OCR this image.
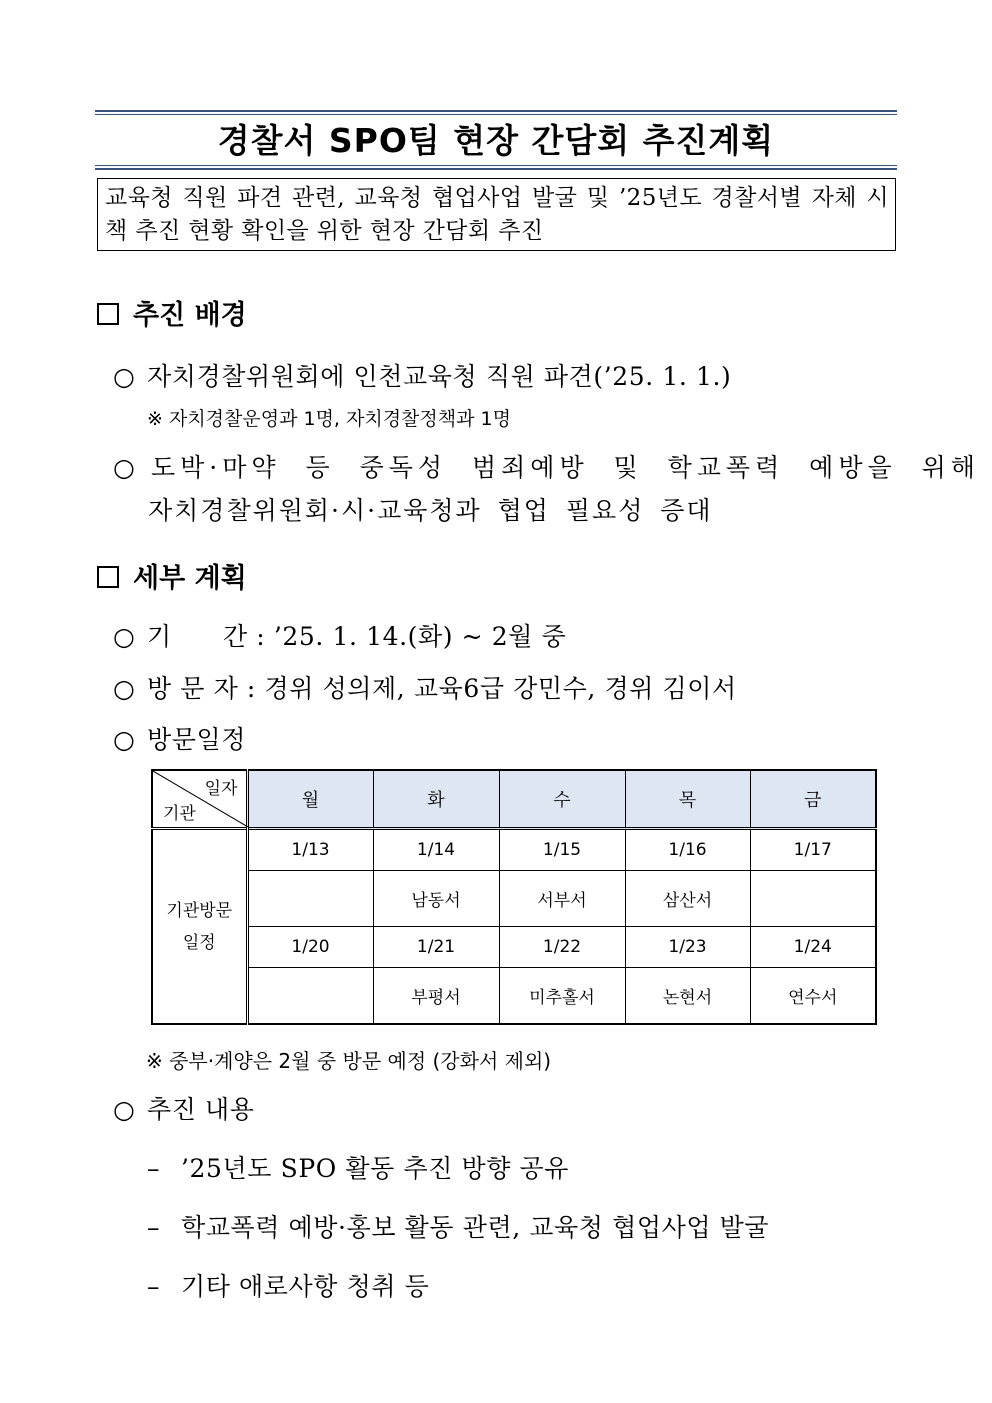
경찰서 SPO팀 현장 간담회 추진계획
교육청 직원 파견 관련, 교육청 협업사업 발굴 및 ’25년도 경찰서별 자체 시책 추진 현황 확인을 위한 현장 간담회 추진
추진 배경
○ 자치경찰위원회에 인천교육청 직원 파견(’25. 1. 1.)
※ 자치경찰운영과 1명, 자치경찰정책과 1명
○ 도박·마약 등 중독성 범죄예방 및 학교폭력 예방을 위해
자치경찰위원회·시·교육청과 협업 필요성 증대
세부 계획
○ 기　　간 : ’25. 1. 14.(화) ~ 2월 중
○ 방 문 자 : 경위 성의제, 교육6급 강민수, 경위 김이서
○ 방문일정
일자
기관	월	화	수	목	금

기관방문
일정	1/13	1/14	1/15	1/16	1/17
		남동서	서부서	삼산서	
	1/20	1/21	1/22	1/23	1/24
		부평서	미추홀서	논현서	연수서
※ 중부·계양은 2월 중 방문 예정 (강화서 제외)
○ 추진 내용
– ’25년도 SPO 활동 추진 방향 공유
– 학교폭력 예방·홍보 활동 관련, 교육청 협업사업 발굴
– 기타 애로사항 청취 등
